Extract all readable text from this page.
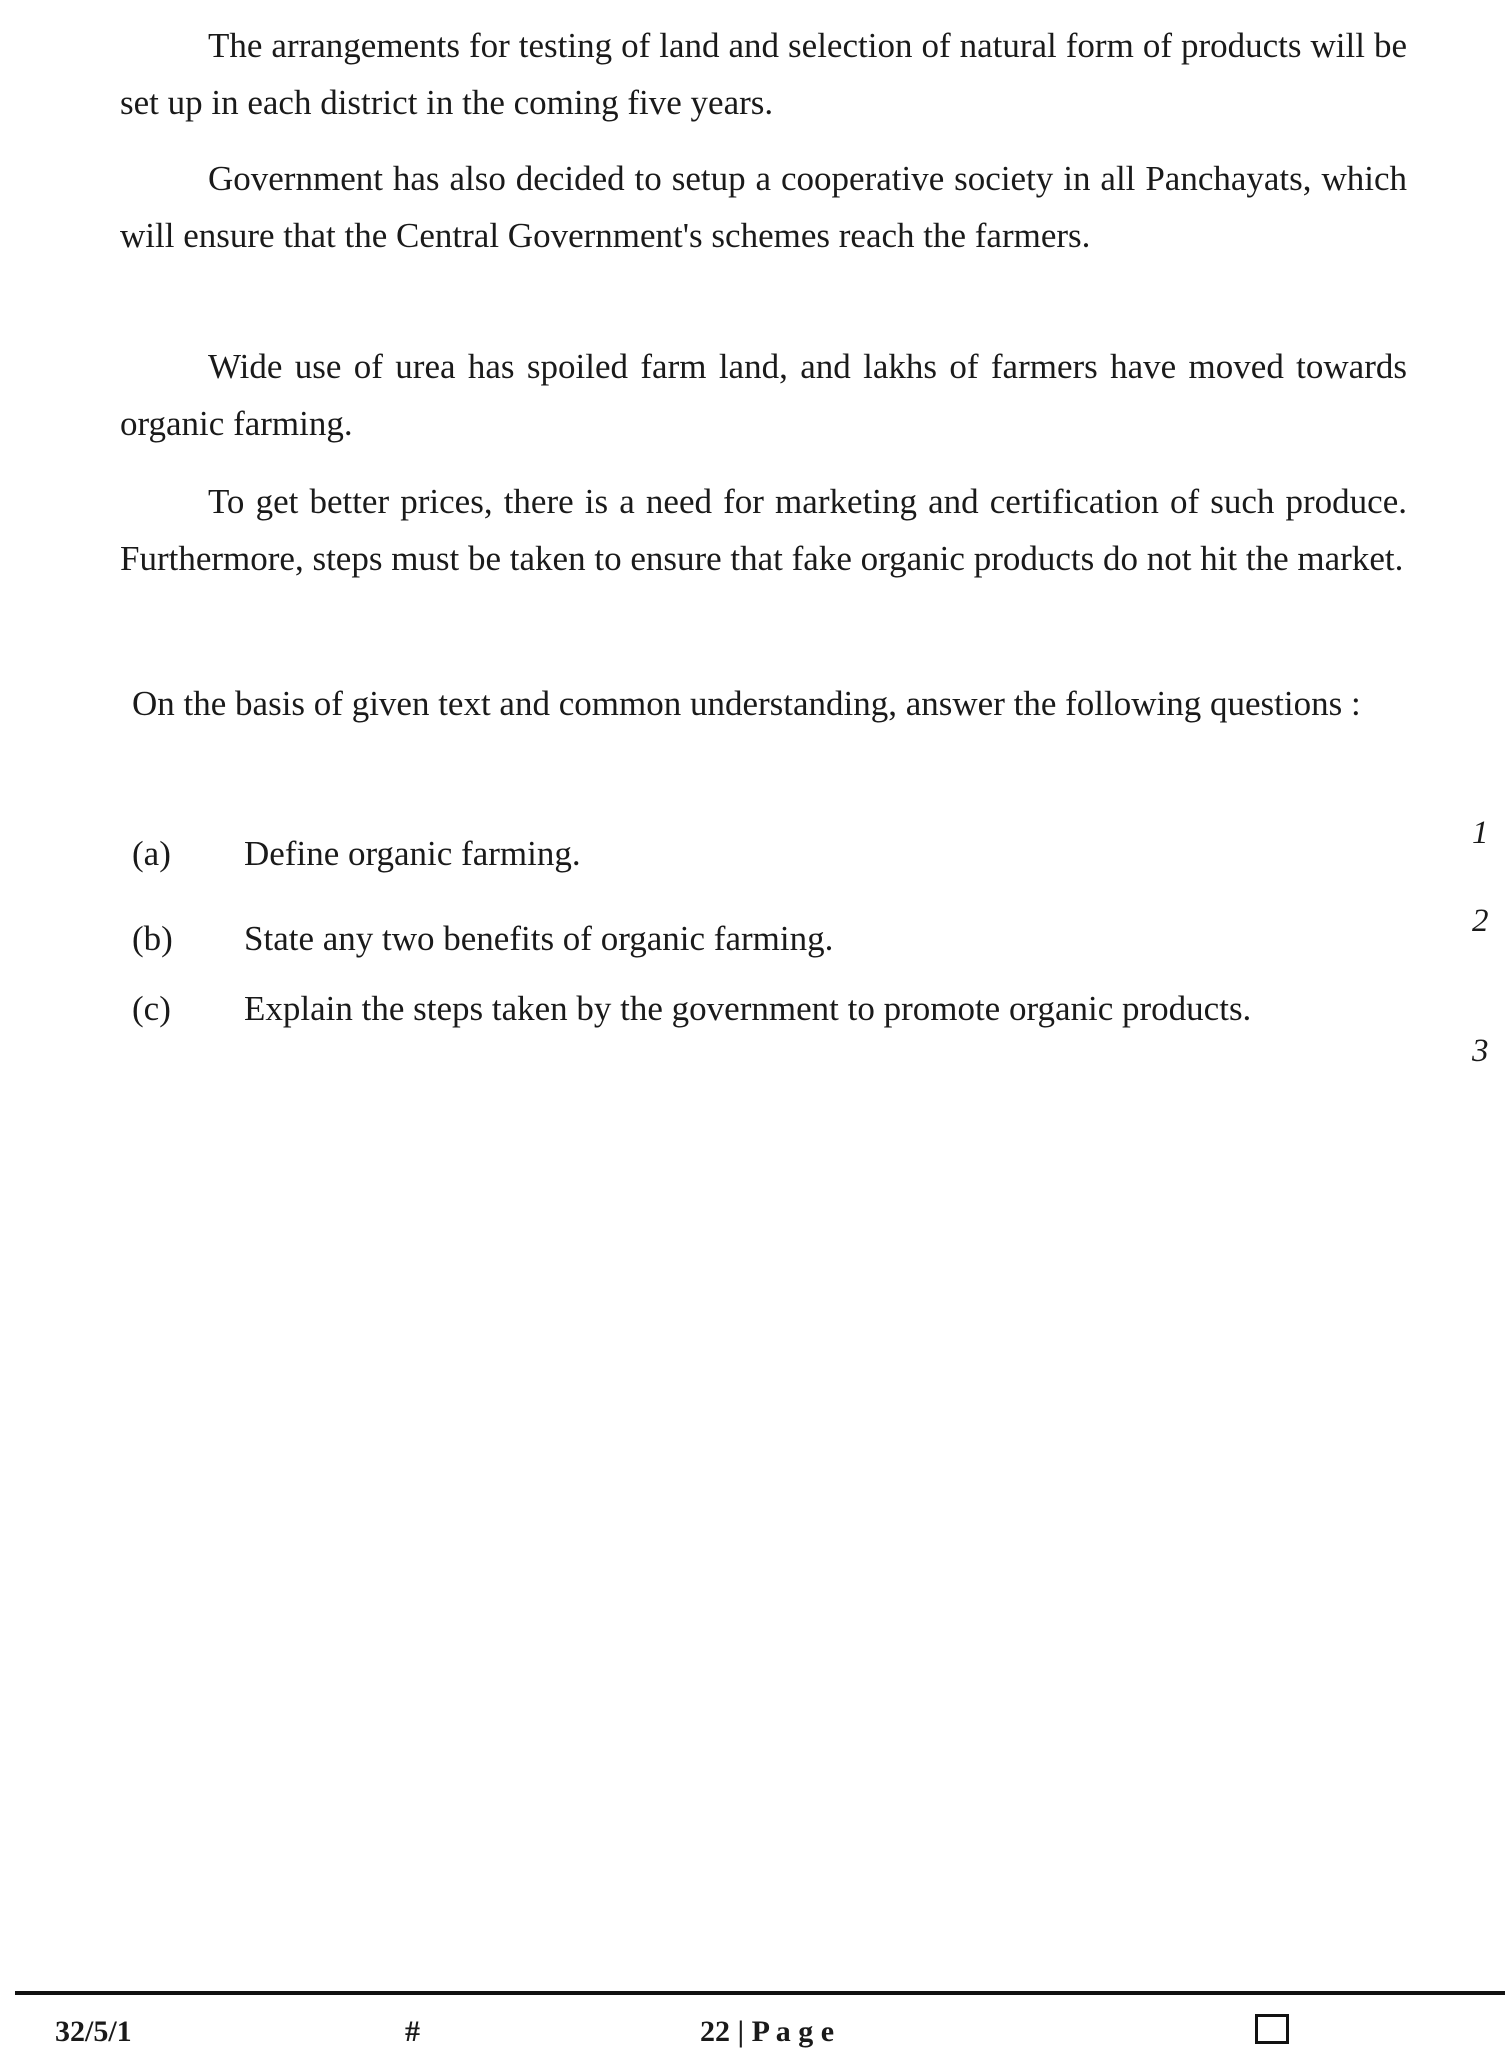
The arrangements for testing of land and selection of natural form of products will be set up in each district in the coming five years.
Government has also decided to setup a cooperative society in all Panchayats, which will ensure that the Central Government's schemes reach the farmers.
Wide use of urea has spoiled farm land, and lakhs of farmers have moved towards organic farming.
To get better prices, there is a need for marketing and certification of such produce. Furthermore, steps must be taken to ensure that fake organic products do not hit the market.
On the basis of given text and common understanding, answer the following questions :
(a) Define organic farming.
1
(b) State any two benefits of organic farming.	2
(c) Explain the steps taken by the government to promote organic products.
3
32/5/1	#	22 | P a g e
